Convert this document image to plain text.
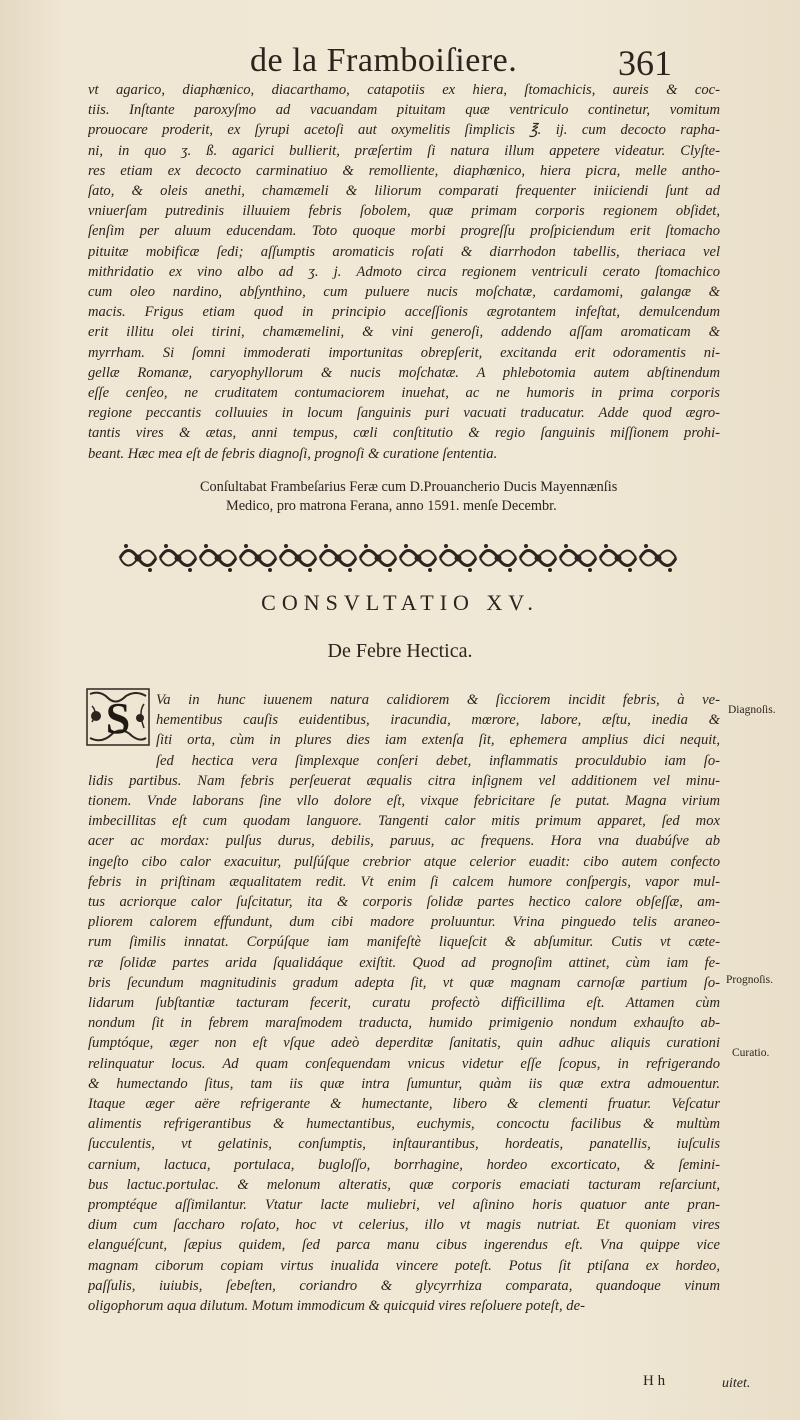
de la Framboiſiere.	361
vt agarico, diaphœnico, diacarthamo, catapotiis ex hiera, ſtomachicis, aureis & coc-
tiis. Inſtante paroxyſmo ad vacuandam pituitam quæ ventriculo continetur, vomitum
prouocare proderit, ex ſyrupi acetoſi aut oxymelitis ſimplicis ℥. ij. cum decocto rapha-
ni, in quo ʒ. ß. agarici bullierit, præſertim ſi natura illum appetere videatur. Clyſte-
res etiam ex decocto carminatiuo & remolliente, diaphœnico, hiera picra, melle antho-
ſato, & oleis anethi, chamæmeli & liliorum comparati frequenter iniiciendi ſunt ad
vniuerſam putredinis illuuiem febris ſobolem, quæ primam corporis regionem obſidet,
ſenſim per aluum educendam. Toto quoque morbi progreſſu proſpiciendum erit ſtomacho
pituitæ mobificæ ſedi; aſſumptis aromaticis roſati & diarrhodon tabellis, theriaca vel
mithridatio ex vino albo ad ʒ. j. Admoto circa regionem ventriculi cerato ſtomachico
cum oleo nardino, abſynthino, cum puluere nucis moſchatæ, cardamomi, galangæ &
macis. Frigus etiam quod in principio acceſſionis ægrotantem infeſtat, demulcendum
erit illitu olei tirini, chamæmelini, & vini generoſi, addendo aſſam aromaticam &
myrrham. Si ſomni immoderati importunitas obrepſerit, excitanda erit odoramentis ni-
gellæ Romanæ, caryophyllorum & nucis moſchatæ. A phlebotomia autem abſtinendum
eſſe cenſeo, ne cruditatem contumaciorem inuehat, ac ne humoris in prima corporis
regione peccantis colluuies in locum ſanguinis puri vacuati traducatur. Adde quod ægro-
tantis vires & ætas, anni tempus, cœli conſtitutio & regio ſanguinis miſſionem prohi-
beant. Hæc mea eſt de febris diagnoſi, prognoſi & curatione ſententia.
Conſultabat Frambeſarius Feræ cum D.Prouancherio Ducis Mayennænſis
Medico, pro matrona Ferana, anno 1591. menſe Decembr.
CONSVLTATIO XV.
De Febre Hectica.
S	Va in hunc iuuenem natura calidiorem & ſicciorem incidit febris, à ve-
hementibus cauſis euidentibus, iracundia, mœrore, labore, æſtu, inedia &
ſiti orta, cùm in plures dies iam extenſa ſit, ephemera amplius dici nequit,
ſed hectica vera ſimplexque conſeri debet, inflammatis proculdubio iam ſo-
lidis partibus. Nam febris perſeuerat æqualis citra inſignem vel additionem vel minu-
tionem. Vnde laborans ſine vllo dolore eſt, vixque febricitare ſe putat. Magna virium
imbecillitas eſt cum quodam languore. Tangenti calor mitis primum apparet, ſed mox
acer ac mordax: pulſus durus, debilis, paruus, ac frequens. Hora vna duabúſve ab
ingeſto cibo calor exacuitur, pulſúſque crebrior atque celerior euadit: cibo autem confecto
febris in priſtinam æqualitatem redit. Vt enim ſi calcem humore conſpergis, vapor mul-
tus acriorque calor ſuſcitatur, ita & corporis ſolidæ partes hectico calore obſeſſæ, am-
pliorem calorem effundunt, dum cibi madore proluuntur. Vrina pinguedo telis araneo-
rum ſimilis innatat. Corpúſque iam manifeſtè liqueſcit & abſumitur. Cutis vt cæte-
ræ ſolidæ partes arida ſqualidáque exiſtit. Quod ad prognoſim attinet, cùm iam fe-
bris ſecundum magnitudinis gradum adepta ſit, vt quæ magnam carnoſæ partium ſo-
lidarum ſubſtantiæ tacturam fecerit, curatu profectò difficillima eſt. Attamen cùm
nondum ſit in febrem maraſmodem traducta, humido primigenio nondum exhauſto ab-
ſumptóque, æger non eſt vſque adeò deperditæ ſanitatis, quin adhuc aliquis curationi
relinquatur locus. Ad quam conſequendam vnicus videtur eſſe ſcopus, in refrigerando
& humectando ſitus, tam iis quæ intra ſumuntur, quàm iis quæ extra admouentur.
Itaque æger aëre refrigerante & humectante, libero & clementi fruatur. Veſcatur
alimentis refrigerantibus & humectantibus, euchymis, concoctu facilibus & multùm
ſucculentis, vt gelatinis, conſumptis, inſtaurantibus, hordeatis, panatellis, iuſculis
carnium, lactuca, portulaca, bugloſſo, borrhagine, hordeo excorticato, & ſemini-
bus lactuc.portulac. & melonum alteratis, quæ corporis emaciati tacturam reſarciunt,
promptéque aſſimilantur. Vtatur lacte muliebri, vel aſinino horis quatuor ante pran-
dium cum ſaccharo roſato, hoc vt celerius, illo vt magis nutriat. Et quoniam vires
elanguéſcunt, ſæpius quidem, ſed parca manu cibus ingerendus eſt. Vna quippe vice
magnam ciborum copiam virtus inualida vincere poteſt. Potus ſit ptiſana ex hordeo,
paſſulis, iuiubis, ſebeſten, coriandro & glycyrrhiza comparata, quandoque vinum
oligophorum aqua dilutum. Motum immodicum & quicquid vires reſoluere poteſt, de-
Diagnoſis.
Prognoſis.
Curatio.
H h	uitet.
